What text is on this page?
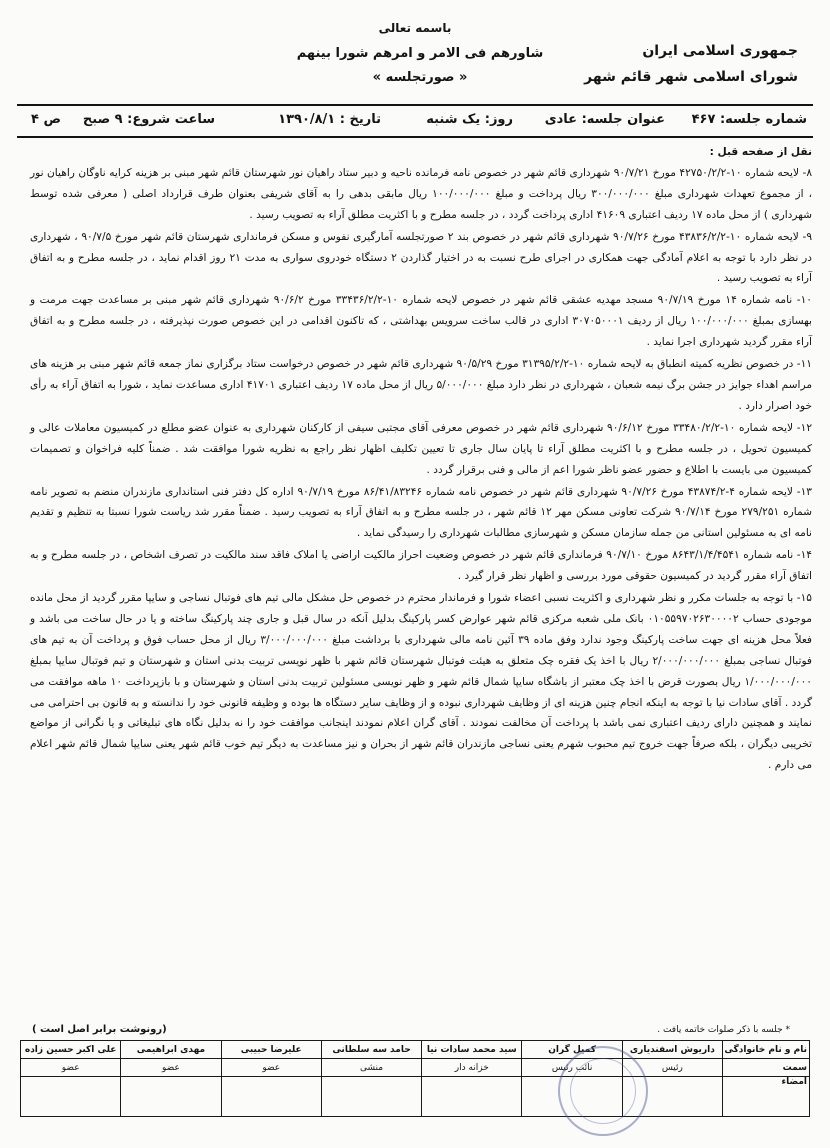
باسمه تعالی
جمهوری اسلامی ایران
شورای اسلامی شهر قائم شهر
شاورهم فی الامر و امرهم شورا بینهم
« صورتجلسه »
شماره جلسه: ۴۶۷
عنوان جلسه: عادی
روز: یک شنبه
تاریخ : ۱۳۹۰/۸/۱
ساعت شروع: ۹ صبح
ص ۴

نقل از صفحه قبل :

۸- لایحه شماره ۱۰-۴۲۷۵۰/۲/۲ مورخ ۹۰/۷/۲۱ شهرداری قائم شهر در خصوص نامه فرمانده ناحیه و دبیر ستاد راهیان نور شهرستان قائم شهر مبنی بر هزینه کرایه ناوگان راهیان نور ، از مجموع تعهدات شهرداری مبلغ ۳۰۰/۰۰۰/۰۰۰ ریال پرداخت و مبلغ ۱۰۰/۰۰۰/۰۰۰ ریال مابقی بدهی را به آقای شریفی بعنوان طرف قرارداد اصلی ( معرفی شده توسط شهرداری ) از محل ماده ۱۷ ردیف اعتباری ۴۱۶۰۹ اداری پرداخت گردد ، در جلسه مطرح و با اکثریت مطلق آراء به تصویب رسید .

۹- لایحه شماره ۱۰-۴۳۸۳۶/۲/۲ مورخ ۹۰/۷/۲۶ شهرداری قائم شهر در خصوص بند ۲ صورتجلسه آمارگیری نفوس و مسکن فرمانداری شهرستان قائم شهر مورخ ۹۰/۷/۵ ، شهرداری در نظر دارد با توجه به اعلام آمادگی جهت همکاری در اجرای طرح نسبت به در اختیار گذاردن ۲ دستگاه خودروی سواری به مدت ۲۱ روز اقدام نماید ، در جلسه مطرح و به اتفاق آراء به تصویب رسید .

۱۰- نامه شماره ۱۴ مورخ ۹۰/۷/۱۹ مسجد مهدیه عشقی قائم شهر در خصوص لایحه شماره ۱۰-۳۳۴۳۶/۲/۲ مورخ ۹۰/۶/۲ شهرداری قائم شهر مبنی بر مساعدت جهت مرمت و بهسازی بمبلغ ۱۰۰/۰۰۰/۰۰۰ ریال از ردیف ۳۰۷۰۵۰۰۰۱ اداری در قالب ساخت سرویس بهداشتی ، که تاکنون اقدامی در این خصوص صورت نپذیرفته ، در جلسه مطرح و به اتفاق آراء مقرر گردید شهرداری اجرا نماید .

۱۱- در خصوص نظریه کمیته انطباق به لایحه شماره ۱۰-۳۱۳۹۵/۲/۲ مورخ ۹۰/۵/۲۹ شهرداری قائم شهر در خصوص درخواست ستاد برگزاری نماز جمعه قائم شهر مبنی بر هزینه های مراسم اهداء جوایز در جشن برگ نیمه شعبان ، شهرداری در نظر دارد مبلغ ۵/۰۰۰/۰۰۰ ریال از محل ماده ۱۷ ردیف اعتباری ۴۱۷۰۱ اداری مساعدت نماید ، شورا به اتفاق آراء به رأی خود اصرار دارد .

۱۲- لایحه شماره ۱۰-۳۳۴۸۰/۲/۲ مورخ ۹۰/۶/۱۲ شهرداری قائم شهر در خصوص معرفی آقای مجتبی سیفی از کارکنان شهرداری به عنوان عضو مطلع در کمیسیون معاملات عالی و کمیسیون تحویل ، در جلسه مطرح و با اکثریت مطلق آراء تا پایان سال جاری تا تعیین تکلیف اظهار نظر راجع به نظریه شورا موافقت شد . ضمناً کلیه فراخوان و تصمیمات کمیسیون می بایست با اطلاع و حضور عضو ناظر شورا اعم از مالی و فنی برقرار گردد .

۱۳- لایحه شماره ۴-۴۳۸۷۴/۲ مورخ ۹۰/۷/۲۶ شهرداری قائم شهر در خصوص نامه شماره ۸۶/۴۱/۸۳۲۴۶ مورخ ۹۰/۷/۱۹ اداره کل دفتر فنی استانداری مازندران منضم به تصویر نامه شماره ۲۷۹/۲۵۱ مورخ ۹۰/۷/۱۴ شرکت تعاونی مسکن مهر ۱۲ قائم شهر ، در جلسه مطرح و به اتفاق آراء به تصویب رسید . ضمناً مقرر شد ریاست شورا نسبتا به تنظیم و تقدیم نامه ای به مسئولین استانی من جمله سازمان مسکن و شهرسازی مطالبات شهرداری را رسیدگی نماید .

۱۴- نامه شماره ۸۶۴۳/۱/۴/۴۵۴۱ مورخ ۹۰/۷/۱۰ فرمانداری قائم شهر در خصوص وضعیت احراز مالکیت اراضی یا املاک فاقد سند مالکیت در تصرف اشخاص ، در جلسه مطرح و به اتفاق آراء مقرر گردید در کمیسیون حقوقی مورد بررسی و اظهار نظر قرار گیرد .

۱۵- با توجه به جلسات مکرر و نظر شهرداری و اکثریت نسبی اعضاء شورا و فرماندار محترم در خصوص حل مشکل مالی تیم های فوتبال نساجی و سایپا مقرر گردید از محل مانده موجودی حساب ۰۱۰۵۵۹۷۰۲۶۳۰۰۰۰۲ بانک ملی شعبه مرکزی قائم شهر عوارض کسر پارکینگ بدلیل آنکه در سال قبل و جاری چند پارکینگ ساخته و یا در حال ساخت می باشد و فعلاً محل هزینه ای جهت ساخت پارکینگ وجود ندارد وفق ماده ۳۹ آئین نامه مالی شهرداری با برداشت مبلغ ۳/۰۰۰/۰۰۰/۰۰۰ ریال از محل حساب فوق و پرداخت آن به تیم های فوتبال نساجی بمبلغ ۲/۰۰۰/۰۰۰/۰۰۰ ریال با اخذ یک فقره چک متعلق به هیئت فوتبال شهرستان قائم شهر با ظهر نویسی تربیت بدنی استان و شهرستان و تیم فوتبال سایپا بمبلغ ۱/۰۰۰/۰۰۰/۰۰۰ ریال بصورت قرض با اخذ چک معتبر از باشگاه سایپا شمال قائم شهر و ظهر نویسی مسئولین تربیت بدنی استان و شهرستان و با بازپرداخت ۱۰ ماهه موافقت می گردد . آقای سادات نیا با توجه به اینکه انجام چنین هزینه ای از وظایف شهرداری نبوده و از وظایف سایر دستگاه ها بوده و وظیفه قانونی خود را ندانسته و به قانون بی احترامی می نمایند و همچنین دارای ردیف اعتباری نمی باشد با پرداخت آن مخالفت نمودند . آقای گران اعلام نمودند اینجانب موافقت خود را نه بدلیل نگاه های تبلیغاتی و یا نگرانی از مواضع تخریبی دیگران ، بلکه صرفاً جهت خروج تیم محبوب شهرم یعنی نساجی مازندران قائم شهر از بحران و نیز مساعدت به دیگر تیم خوب قائم شهر یعنی سایپا شمال قائم شهر اعلام می دارم .

* جلسه با ذکر صلوات خاتمه یافت .
(رونوشت برابر اصل است )
نام و نام خانوادگی	داریوش اسفندیاری	کمیل گران	سید محمد سادات نیا	حامد سه سلطانی	علیرضا حبیبی	مهدی ابراهیمی	علی اکبر حسین زاده
سمت	رئیس	نائب رئیس	خزانه دار	منشی	عضو	عضو	عضو
امضاء							
